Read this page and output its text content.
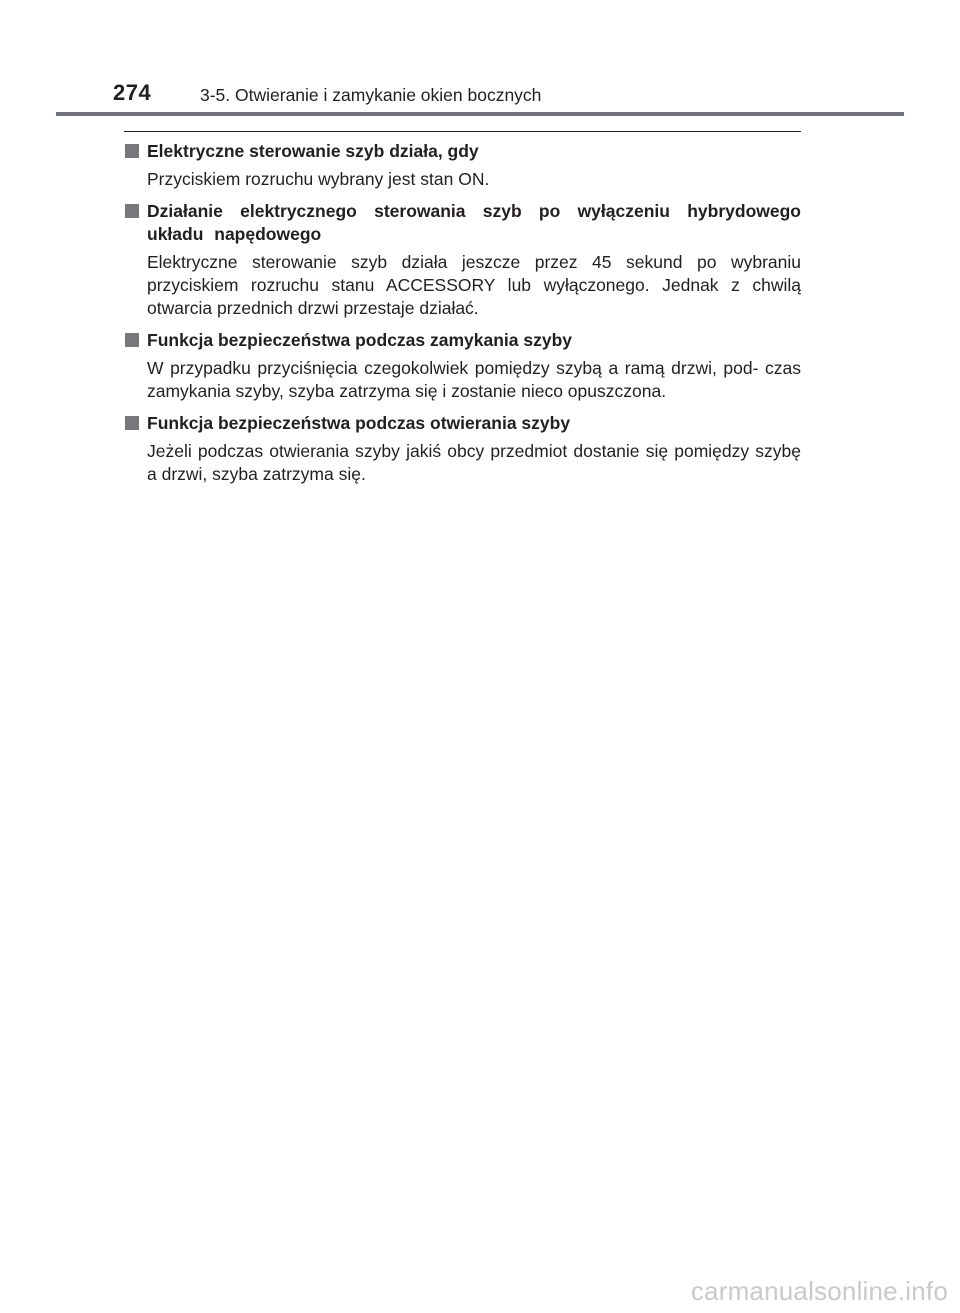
274	3-5. Otwieranie i zamykanie okien bocznych
Elektryczne sterowanie szyb działa, gdy
Przyciskiem rozruchu wybrany jest stan ON.
Działanie elektrycznego sterowania szyb po wyłączeniu hybrydowego układu napędowego
Elektryczne sterowanie szyb działa jeszcze przez 45 sekund po wybraniu przyciskiem rozruchu stanu ACCESSORY lub wyłączonego. Jednak z chwilą otwarcia przednich drzwi przestaje działać.
Funkcja bezpieczeństwa podczas zamykania szyby
W przypadku przyciśnięcia czegokolwiek pomiędzy szybą a ramą drzwi, pod- czas zamykania szyby, szyba zatrzyma się i zostanie nieco opuszczona.
Funkcja bezpieczeństwa podczas otwierania szyby
Jeżeli podczas otwierania szyby jakiś obcy przedmiot dostanie się pomiędzy szybę a drzwi, szyba zatrzyma się.
carmanualsonline.info
